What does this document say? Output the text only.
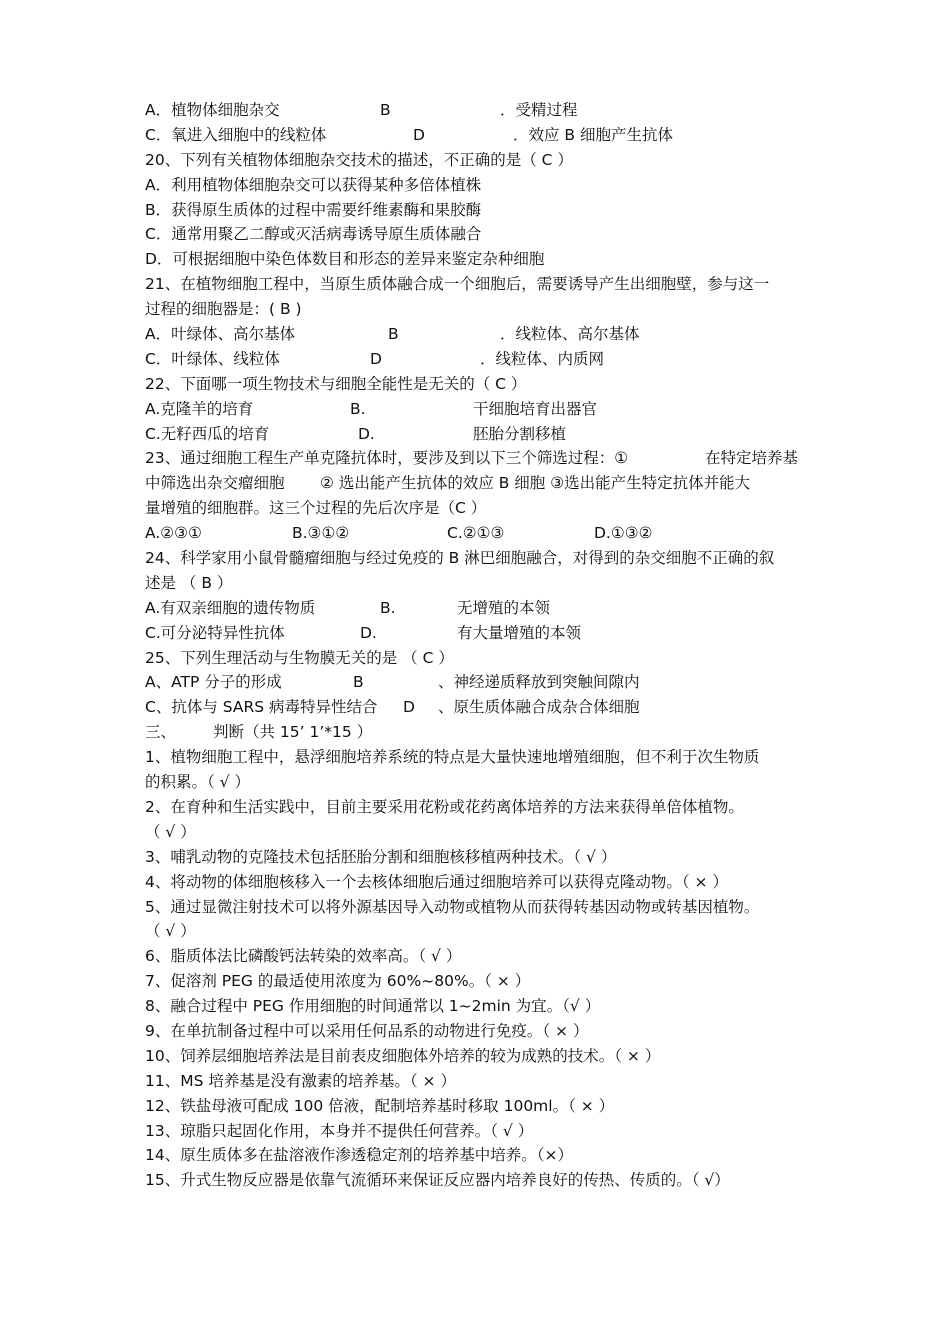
A．植物体细胞杂交	B	．受精过程
C．氧进入细胞中的线粒体	D	．效应 B 细胞产生抗体
20、下列有关植物体细胞杂交技术的描述，不正确的是（ C ）
A．利用植物体细胞杂交可以获得某种多倍体植株
B．获得原生质体的过程中需要纤维素酶和果胶酶
C．通常用聚乙二醇或灭活病毒诱导原生质体融合
D．可根据细胞中染色体数目和形态的差异来鉴定杂种细胞
21、在植物细胞工程中，当原生质体融合成一个细胞后，需要诱导产生出细胞壁，参与这一
过程的细胞器是：( B )
A．叶绿体、高尔基体	B	．线粒体、高尔基体
C．叶绿体、线粒体	D	．线粒体、内质网
22、下面哪一项生物技术与细胞全能性是无关的（ C ）
A.克隆羊的培育	B.	干细胞培育出器官
C.无籽西瓜的培育	D.	胚胎分割移植
23、通过细胞工程生产单克隆抗体时，要涉及到以下三个筛选过程：①	在特定培养基
中筛选出杂交瘤细胞 ② 选出能产生抗体的效应 B 细胞 ③选出能产生特定抗体并能大
量增殖的细胞群。这三个过程的先后次序是（C ）
A.②③①	B.③①②	C.②①③	D.①③②
24、科学家用小鼠骨髓瘤细胞与经过免疫的 B 淋巴细胞融合，对得到的杂交细胞不正确的叙
述是 （ B ）
A.有双亲细胞的遗传物质	B.	无增殖的本领
C.可分泌特异性抗体	D.	有大量增殖的本领
25、下列生理活动与生物膜无关的是 （ C ）
A、ATP 分子的形成	B	、神经递质释放到突触间隙内
C、抗体与 SARS 病毒特异性结合 D 、原生质体融合成杂合体细胞
三、 判断（共 15’ 1’*15 ）
1、植物细胞工程中，悬浮细胞培养系统的特点是大量快速地增殖细胞，但不利于次生物质
的积累。（ √ ）
2、在育种和生活实践中，目前主要采用花粉或花药离体培养的方法来获得单倍体植物。
（ √ ）
3、哺乳动物的克隆技术包括胚胎分割和细胞核移植两种技术。（ √ ）
4、将动物的体细胞核移入一个去核体细胞后通过细胞培养可以获得克隆动物。（ × ）
5、通过显微注射技术可以将外源基因导入动物或植物从而获得转基因动物或转基因植物。
（ √ ）
6、脂质体法比磷酸钙法转染的效率高。（ √ ）
7、促溶剂 PEG 的最适使用浓度为 60%~80%。（ × ）
8、融合过程中 PEG 作用细胞的时间通常以 1~2min 为宜。（√ ）
9、在单抗制备过程中可以采用任何品系的动物进行免疫。（ × ）
10、饲养层细胞培养法是目前表皮细胞体外培养的较为成熟的技术。（ × ）
11、MS 培养基是没有激素的培养基。（ × ）
12、铁盐母液可配成 100 倍液，配制培养基时移取 100ml。（ × ）
13、琼脂只起固化作用，本身并不提供任何营养。（ √ ）
14、原生质体多在盐溶液作渗透稳定剂的培养基中培养。（×）
15、升式生物反应器是依靠气流循环来保证反应器内培养良好的传热、传质的。（ √）
